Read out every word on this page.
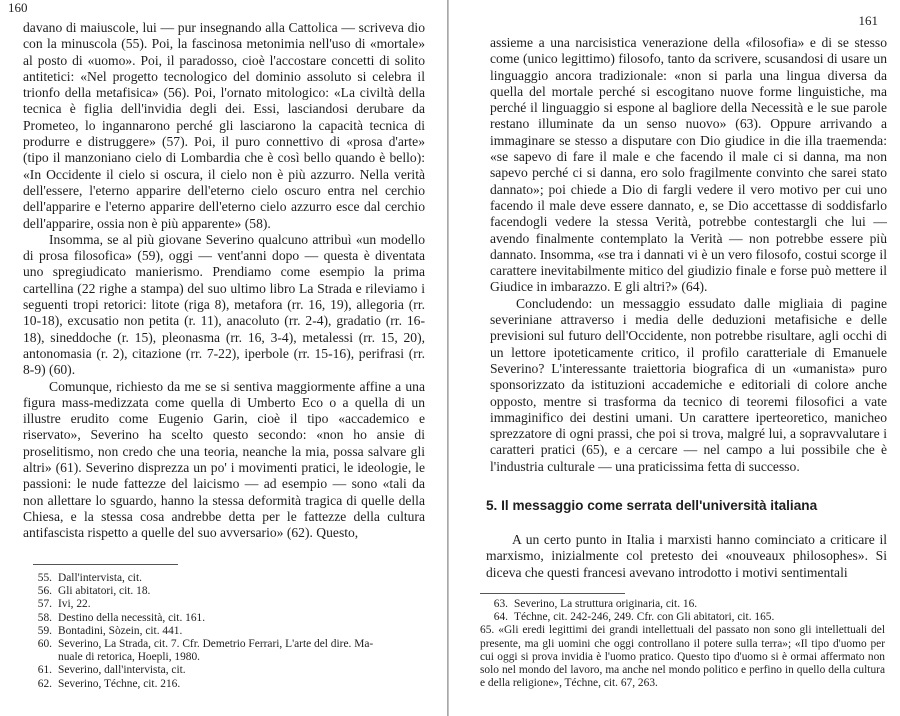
160

davano di maiuscole, lui — pur insegnando alla Cattolica — scriveva dio con la minuscola (55). Poi, la fascinosa metonimia nell'uso di «mortale» al posto di «uomo». Poi, il paradosso, cioè l'accostare concetti di solito antitetici: «Nel progetto tecnologico del dominio assoluto si celebra il trionfo della metafisica» (56). Poi, l'ornato mitologico: «La civiltà della tecnica è figlia dell'invidia degli dei. Essi, lasciandosi derubare da Prometeo, lo ingannarono perché gli lasciarono la capacità tecnica di produrre e distruggere» (57). Poi, il puro connettivo di «prosa d'arte» (tipo il manzoniano cielo di Lombardia che è così bello quando è bello): «In Occidente il cielo si oscura, il cielo non è più azzurro. Nella verità dell'essere, l'eterno apparire dell'eterno cielo oscuro entra nel cerchio dell'apparire e l'eterno apparire dell'eterno cielo azzurro esce dal cerchio dell'apparire, ossia non è più apparente» (58).

Insomma, se al più giovane Severino qualcuno attribuì «un modello di prosa filosofica» (59), oggi — vent'anni dopo — questa è diventata uno spregiudicato manierismo. Prendiamo come esempio la prima cartellina (22 righe a stampa) del suo ultimo libro La Strada e rileviamo i seguenti tropi retorici: litote (riga 8), metafora (rr. 16, 19), allegoria (rr. 10-18), excusatio non petita (r. 11), anacoluto (rr. 2-4), gradatio (rr. 16-18), sineddoche (r. 15), pleonasma (rr. 16, 3-4), metalessi (rr. 15, 20), antonomasia (r. 2), citazione (rr. 7-22), iperbole (rr. 15-16), perifrasi (rr. 8-9) (60).

Comunque, richiesto da me se si sentiva maggiormente affine a una figura mass-medizzata come quella di Umberto Eco o a quella di un illustre erudito come Eugenio Garin, cioè il tipo «accademico e riservato», Severino ha scelto questo secondo: «non ho ansie di proselitismo, non credo che una teoria, neanche la mia, possa salvare gli altri» (61). Severino disprezza un po' i movimenti pratici, le ideologie, le passioni: le nude fattezze del laicismo — ad esempio — sono «tali da non allettare lo sguardo, hanno la stessa deformità tragica di quelle della Chiesa, e la stessa cosa andrebbe detta per le fattezze della cultura antifascista rispetto a quelle del suo avversario» (62). Questo,

55. Dall'intervista, cit.
56. Gli abitatori, cit. 18.
57. Ivi, 22.
58. Destino della necessità, cit. 161.
59. Bontadini, Sòzein, cit. 441.
60. Severino, La Strada, cit. 7. Cfr. Demetrio Ferrari, L'arte del dire. Ma-
nuale di retorica, Hoepli, 1980.
61. Severino, dall'intervista, cit.
62. Severino, Téchne, cit. 216.
161

assieme a una narcisistica venerazione della «filosofia» e di se stesso come (unico legittimo) filosofo, tanto da scrivere, scusandosi di usare un linguaggio ancora tradizionale: «non si parla una lingua diversa da quella del mortale perché si escogitano nuove forme linguistiche, ma perché il linguaggio si espone al bagliore della Necessità e le sue parole restano illuminate da un senso nuovo» (63). Oppure arrivando a immaginare se stesso a disputare con Dio giudice in die illa traemenda: «se sapevo di fare il male e che facendo il male ci si danna, ma non sapevo perché ci si danna, ero solo fragilmente convinto che sarei stato dannato»; poi chiede a Dio di fargli vedere il vero motivo per cui uno facendo il male deve essere dannato, e, se Dio accettasse di soddisfarlo facendogli vedere la stessa Verità, potrebbe contestargli che lui — avendo finalmente contemplato la Verità — non potrebbe essere più dannato. Insomma, «se tra i dannati vi è un vero filosofo, costui scorge il carattere inevitabilmente mitico del giudizio finale e forse può mettere il Giudice in imbarazzo. E gli altri?» (64).

Concludendo: un messaggio essudato dalle migliaia di pagine severiniane attraverso i media delle deduzioni metafisiche e delle previsioni sul futuro dell'Occidente, non potrebbe risultare, agli occhi di un lettore ipoteticamente critico, il profilo caratteriale di Emanuele Severino? L'interessante traiettoria biografica di un «umanista» puro sponsorizzato da istituzioni accademiche e editoriali di colore anche opposto, mentre si trasforma da tecnico di teoremi filosofici a vate immaginifico dei destini umani. Un carattere iperteoretico, manicheo sprezzatore di ogni prassi, che poi si trova, malgré lui, a sopravvalutare i caratteri pratici (65), e a cercare — nel campo a lui possibile che è l'industria culturale — una praticissima fetta di successo.

5. Il messaggio come serrata dell'università italiana

A un certo punto in Italia i marxisti hanno cominciato a criticare il marxismo, inizialmente col pretesto dei «nouveaux philosophes». Si diceva che questi francesi avevano introdotto i motivi sentimentali

63. Severino, La struttura originaria, cit. 16.
64. Téchne, cit. 242-246, 249. Cfr. con Gli abitatori, cit. 165.
65. «Gli eredi legittimi dei grandi intellettuali del passato non sono gli intellettuali del presente, ma gli uomini che oggi controllano il potere sulla terra»; «Il tipo d'uomo per cui oggi si prova invidia è l'uomo pratico. Questo tipo d'uomo si è ormai affermato non solo nel mondo del lavoro, ma anche nel mondo politico e perfino in quello della cultura e della religione», Téchne, cit. 67, 263.
